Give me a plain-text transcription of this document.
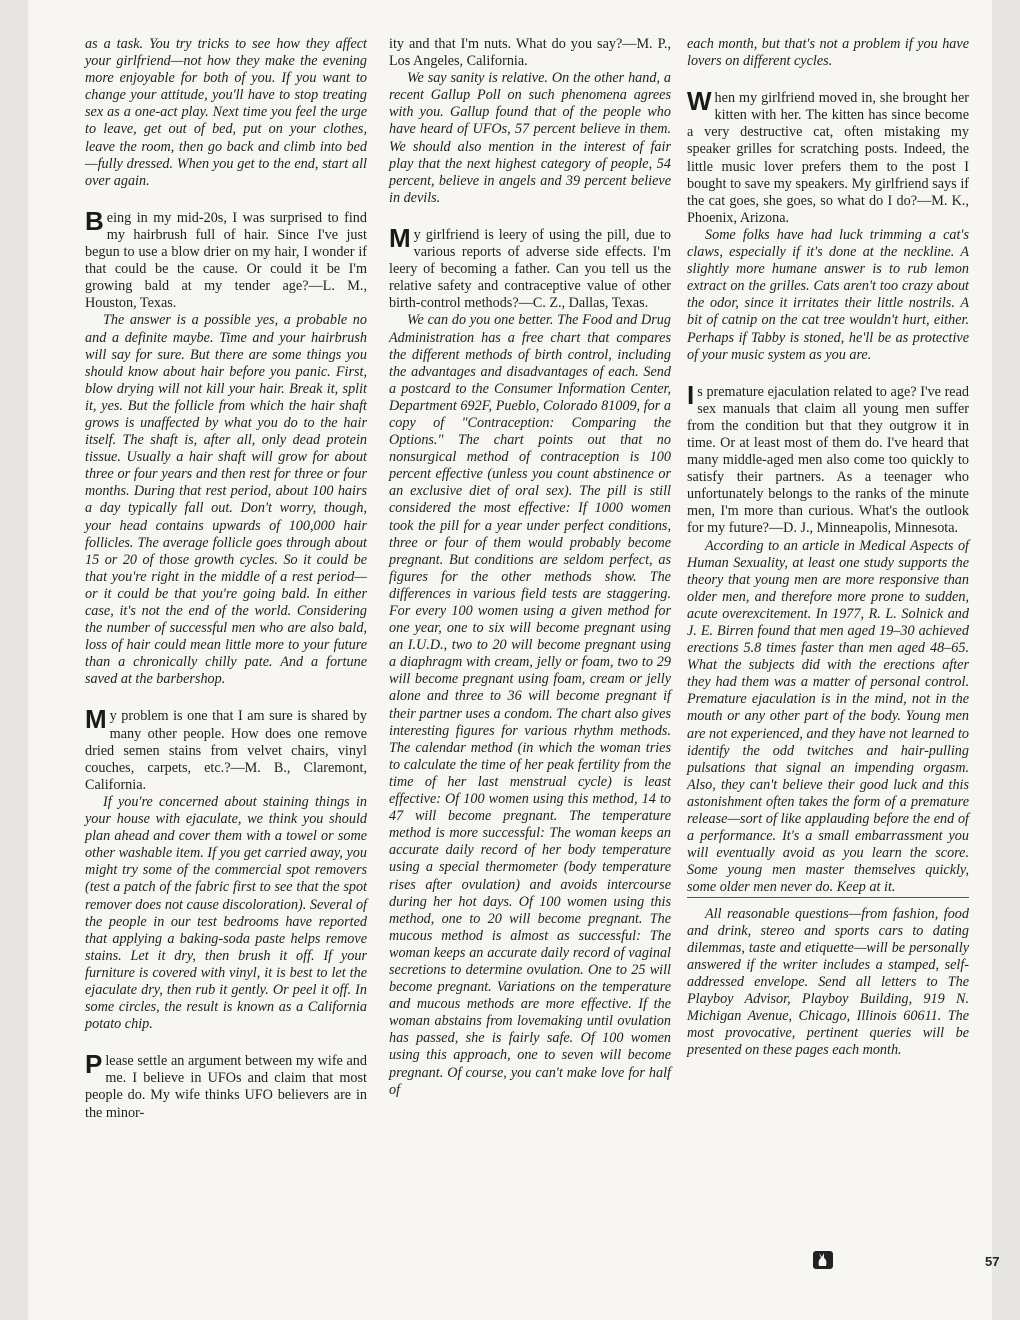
as a task. You try tricks to see how they affect your girlfriend—not how they make the evening more enjoyable for both of you. If you want to change your attitude, you'll have to stop treating sex as a one-act play. Next time you feel the urge to leave, get out of bed, put on your clothes, leave the room, then go back and climb into bed—fully dressed. When you get to the end, start all over again.

Being in my mid-20s, I was surprised to find my hairbrush full of hair. Since I've just begun to use a blow drier on my hair, I wonder if that could be the cause. Or could it be I'm growing bald at my tender age?—L. M., Houston, Texas.

The answer is a possible yes, a probable no and a definite maybe. Time and your hairbrush will say for sure. But there are some things you should know about hair before you panic. First, blow drying will not kill your hair. Break it, split it, yes. But the follicle from which the hair shaft grows is unaffected by what you do to the hair itself. The shaft is, after all, only dead protein tissue. Usually a hair shaft will grow for about three or four years and then rest for three or four months. During that rest period, about 100 hairs a day typically fall out. Don't worry, though, your head contains upwards of 100,000 hair follicles. The average follicle goes through about 15 or 20 of those growth cycles. So it could be that you're right in the middle of a rest period—or it could be that you're going bald. In either case, it's not the end of the world. Considering the number of successful men who are also bald, loss of hair could mean little more to your future than a chronically chilly pate. And a fortune saved at the barbershop.

My problem is one that I am sure is shared by many other people. How does one remove dried semen stains from velvet chairs, vinyl couches, carpets, etc.?—M. B., Claremont, California.

If you're concerned about staining things in your house with ejaculate, we think you should plan ahead and cover them with a towel or some other washable item. If you get carried away, you might try some of the commercial spot removers (test a patch of the fabric first to see that the spot remover does not cause discoloration). Several of the people in our test bedrooms have reported that applying a baking-soda paste helps remove stains. Let it dry, then brush it off. If your furniture is covered with vinyl, it is best to let the ejaculate dry, then rub it gently. Or peel it off. In some circles, the result is known as a California potato chip.

Please settle an argument between my wife and me. I believe in UFOs and claim that most people do. My wife thinks UFO believers are in the minor-

ity and that I'm nuts. What do you say?—M. P., Los Angeles, California.

We say sanity is relative. On the other hand, a recent Gallup Poll on such phenomena agrees with you. Gallup found that of the people who have heard of UFOs, 57 percent believe in them. We should also mention in the interest of fair play that the next highest category of people, 54 percent, believe in angels and 39 percent believe in devils.

My girlfriend is leery of using the pill, due to various reports of adverse side effects. I'm leery of becoming a father. Can you tell us the relative safety and contraceptive value of other birth-control methods?—C. Z., Dallas, Texas.

We can do you one better. The Food and Drug Administration has a free chart that compares the different methods of birth control, including the advantages and disadvantages of each. Send a postcard to the Consumer Information Center, Department 692F, Pueblo, Colorado 81009, for a copy of "Contraception: Comparing the Options." The chart points out that no nonsurgical method of contraception is 100 percent effective (unless you count abstinence or an exclusive diet of oral sex). The pill is still considered the most effective: If 1000 women took the pill for a year under perfect conditions, three or four of them would probably become pregnant. But conditions are seldom perfect, as figures for the other methods show. The differences in various field tests are staggering. For every 100 women using a given method for one year, one to six will become pregnant using an I.U.D., two to 20 will become pregnant using a diaphragm with cream, jelly or foam, two to 29 will become pregnant using foam, cream or jelly alone and three to 36 will become pregnant if their partner uses a condom. The chart also gives interesting figures for various rhythm methods. The calendar method (in which the woman tries to calculate the time of her peak fertility from the time of her last menstrual cycle) is least effective: Of 100 women using this method, 14 to 47 will become pregnant. The temperature method is more successful: The woman keeps an accurate daily record of her body temperature using a special thermometer (body temperature rises after ovulation) and avoids intercourse during her hot days. Of 100 women using this method, one to 20 will become pregnant. The mucous method is almost as successful: The woman keeps an accurate daily record of vaginal secretions to determine ovulation. One to 25 will become pregnant. Variations on the temperature and mucous methods are more effective. If the woman abstains from lovemaking until ovulation has passed, she is fairly safe. Of 100 women using this approach, one to seven will become pregnant. Of course, you can't make love for half of

each month, but that's not a problem if you have lovers on different cycles.

When my girlfriend moved in, she brought her kitten with her. The kitten has since become a very destructive cat, often mistaking my speaker grilles for scratching posts. Indeed, the little music lover prefers them to the post I bought to save my speakers. My girlfriend says if the cat goes, she goes, so what do I do?—M. K., Phoenix, Arizona.

Some folks have had luck trimming a cat's claws, especially if it's done at the neckline. A slightly more humane answer is to rub lemon extract on the grilles. Cats aren't too crazy about the odor, since it irritates their little nostrils. A bit of catnip on the cat tree wouldn't hurt, either. Perhaps if Tabby is stoned, he'll be as protective of your music system as you are.

Is premature ejaculation related to age? I've read sex manuals that claim all young men suffer from the condition but that they outgrow it in time. Or at least most of them do. I've heard that many middle-aged men also come too quickly to satisfy their partners. As a teenager who unfortunately belongs to the ranks of the minute men, I'm more than curious. What's the outlook for my future?—D. J., Minneapolis, Minnesota.

According to an article in Medical Aspects of Human Sexuality, at least one study supports the theory that young men are more responsive than older men, and therefore more prone to sudden, acute overexcitement. In 1977, R. L. Solnick and J. E. Birren found that men aged 19–30 achieved erections 5.8 times faster than men aged 48–65. What the subjects did with the erections after they had them was a matter of personal control. Premature ejaculation is in the mind, not in the mouth or any other part of the body. Young men are not experienced, and they have not learned to identify the odd twitches and hair-pulling pulsations that signal an impending orgasm. Also, they can't believe their good luck and this astonishment often takes the form of a premature release—sort of like applauding before the end of a performance. It's a small embarrassment you will eventually avoid as you learn the score. Some young men master themselves quickly, some older men never do. Keep at it.

All reasonable questions—from fashion, food and drink, stereo and sports cars to dating dilemmas, taste and etiquette—will be personally answered if the writer includes a stamped, self-addressed envelope. Send all letters to The Playboy Advisor, Playboy Building, 919 N. Michigan Avenue, Chicago, Illinois 60611. The most provocative, pertinent queries will be presented on these pages each month.

57
